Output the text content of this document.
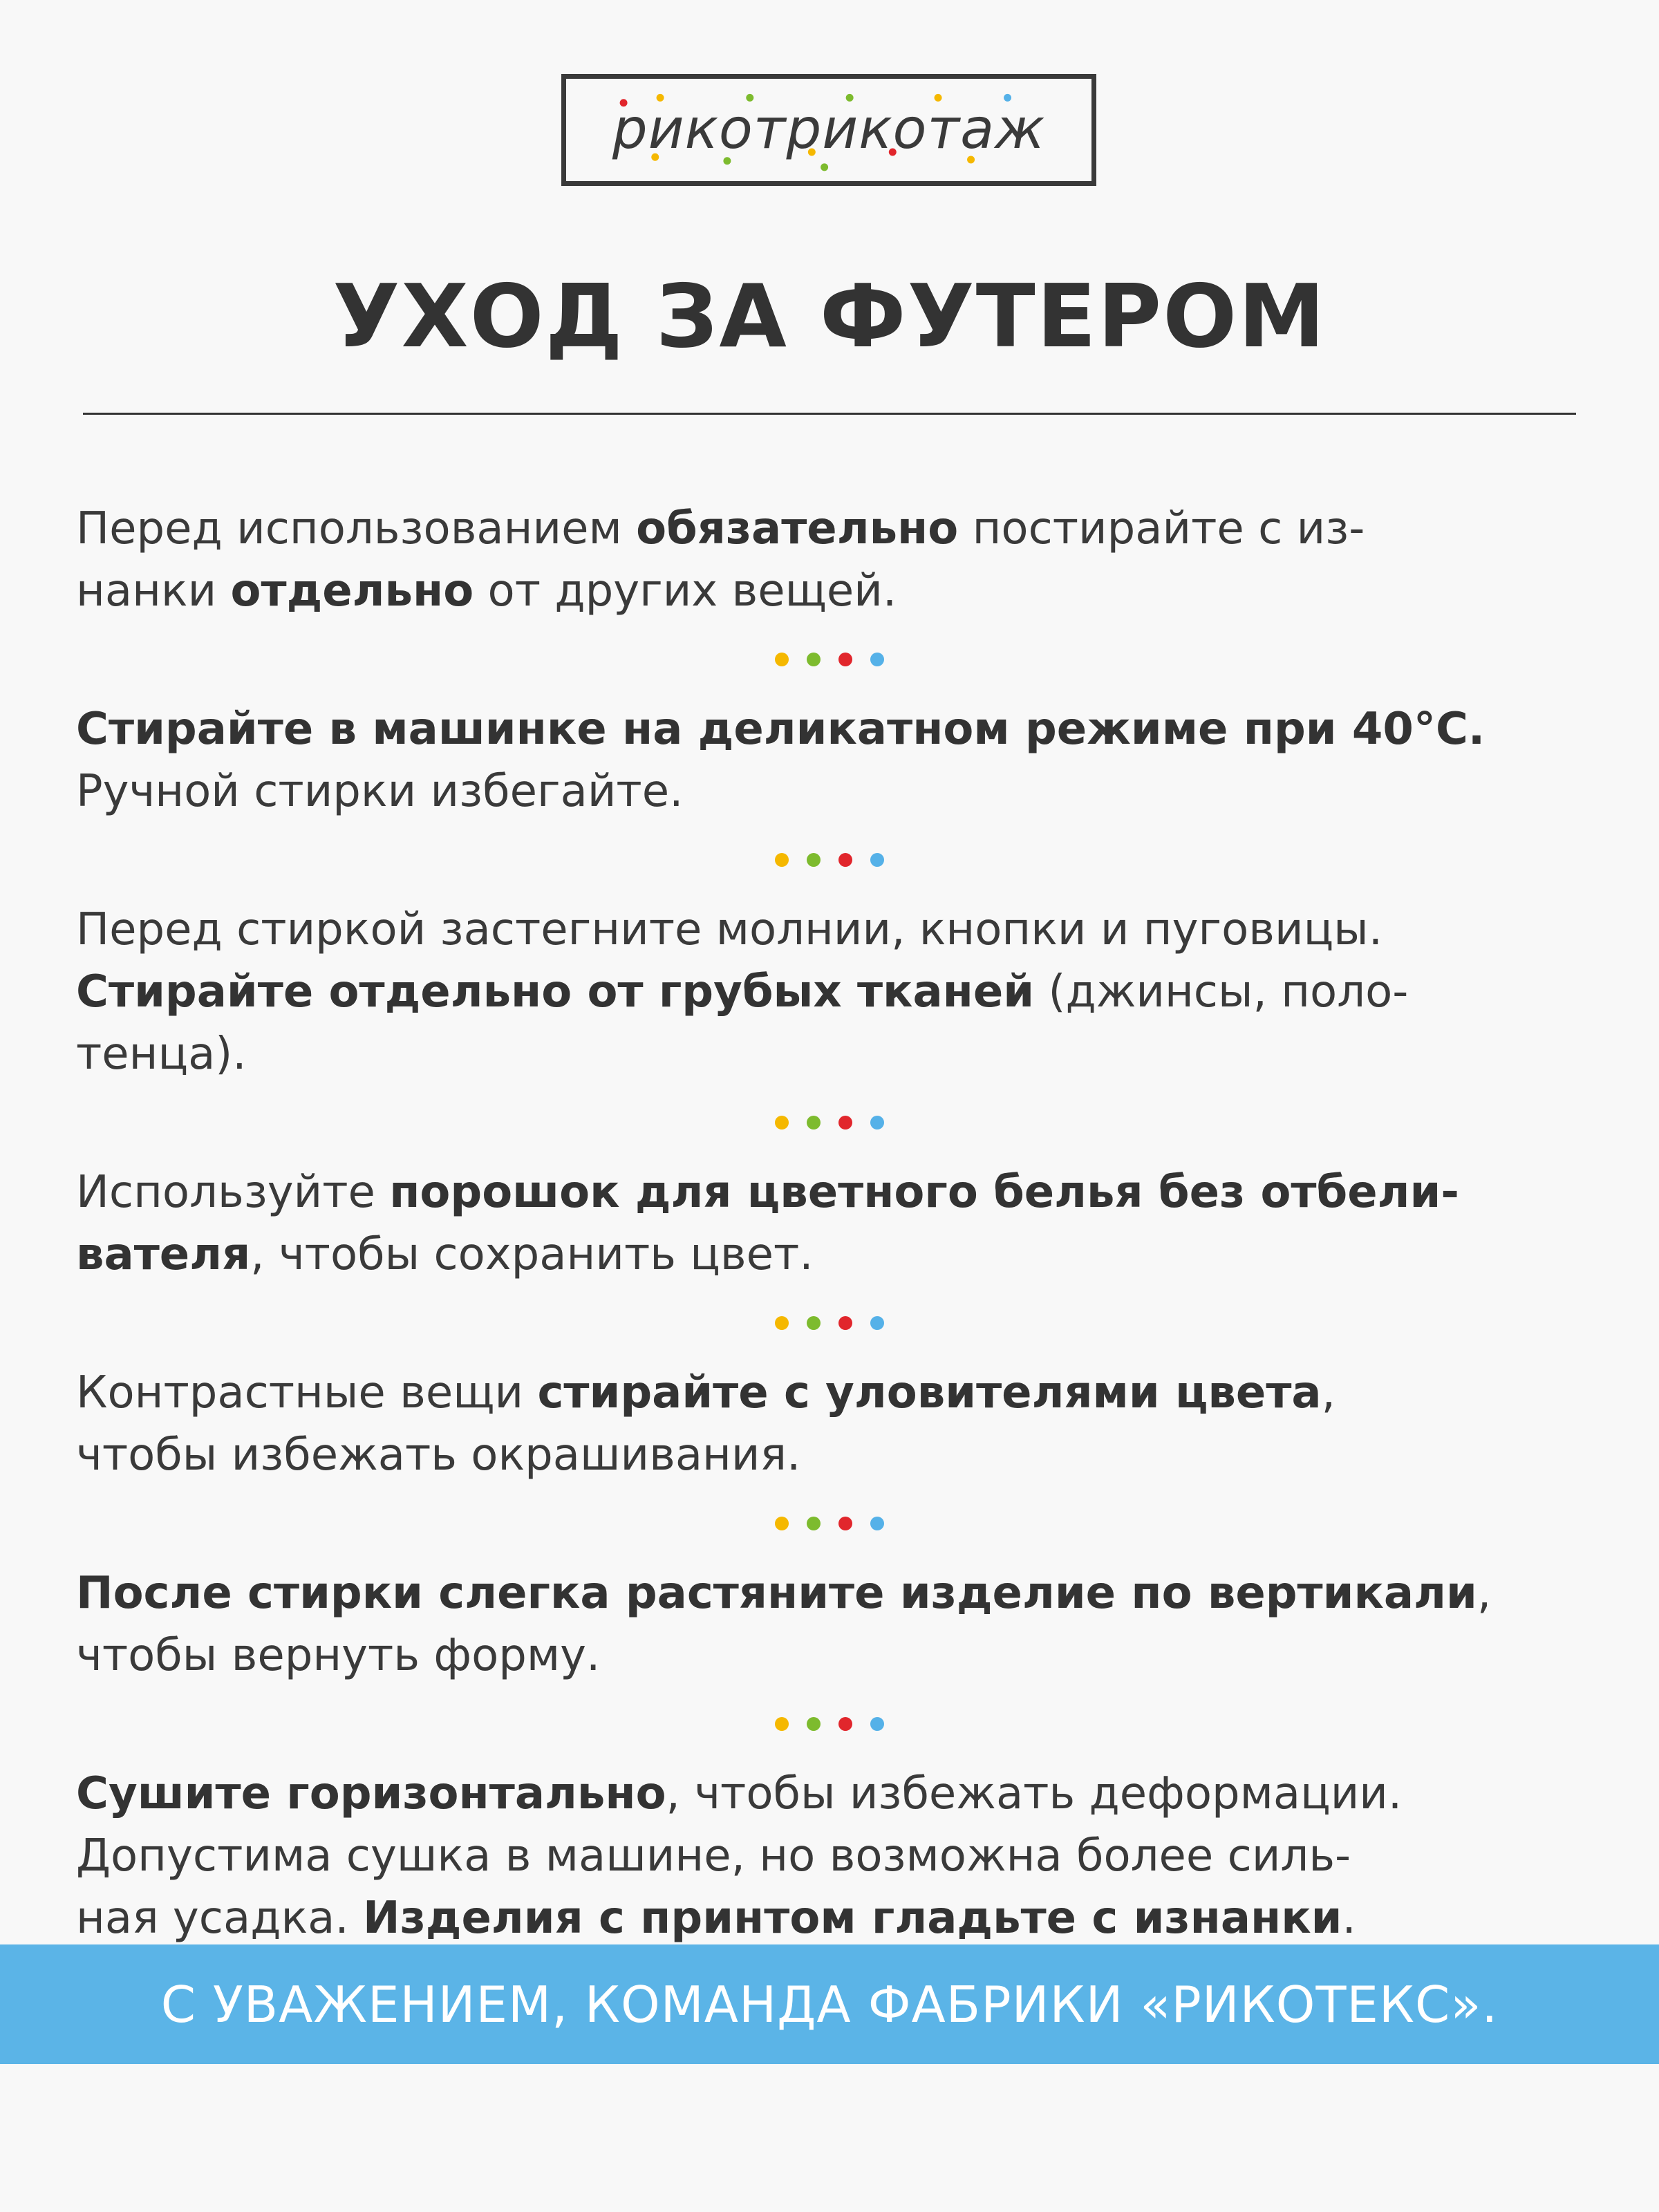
рикотрикотаж
УХОД ЗА ФУТЕРОМ

Перед использованием обязательно постирайте с из-
нанки отдельно от других вещей.

Стирайте в машинке на деликатном режиме при 40°С.
Ручной стирки избегайте.

Перед стиркой застегните молнии, кнопки и пуговицы.
Стирайте отдельно от грубых тканей (джинсы, поло-
тенца).

Используйте порошок для цветного белья без отбели-
вателя, чтобы сохранить цвет.

Контрастные вещи стирайте с уловителями цвета,
чтобы избежать окрашивания.

После стирки слегка растяните изделие по вертикали,
чтобы вернуть форму.

Сушите горизонтально, чтобы избежать деформации.
Допустима сушка в машине, но возможна более силь-
ная усадка. Изделия с принтом гладьте с изнанки.

С УВАЖЕНИЕМ, КОМАНДА ФАБРИКИ «РИКОТЕКС».
